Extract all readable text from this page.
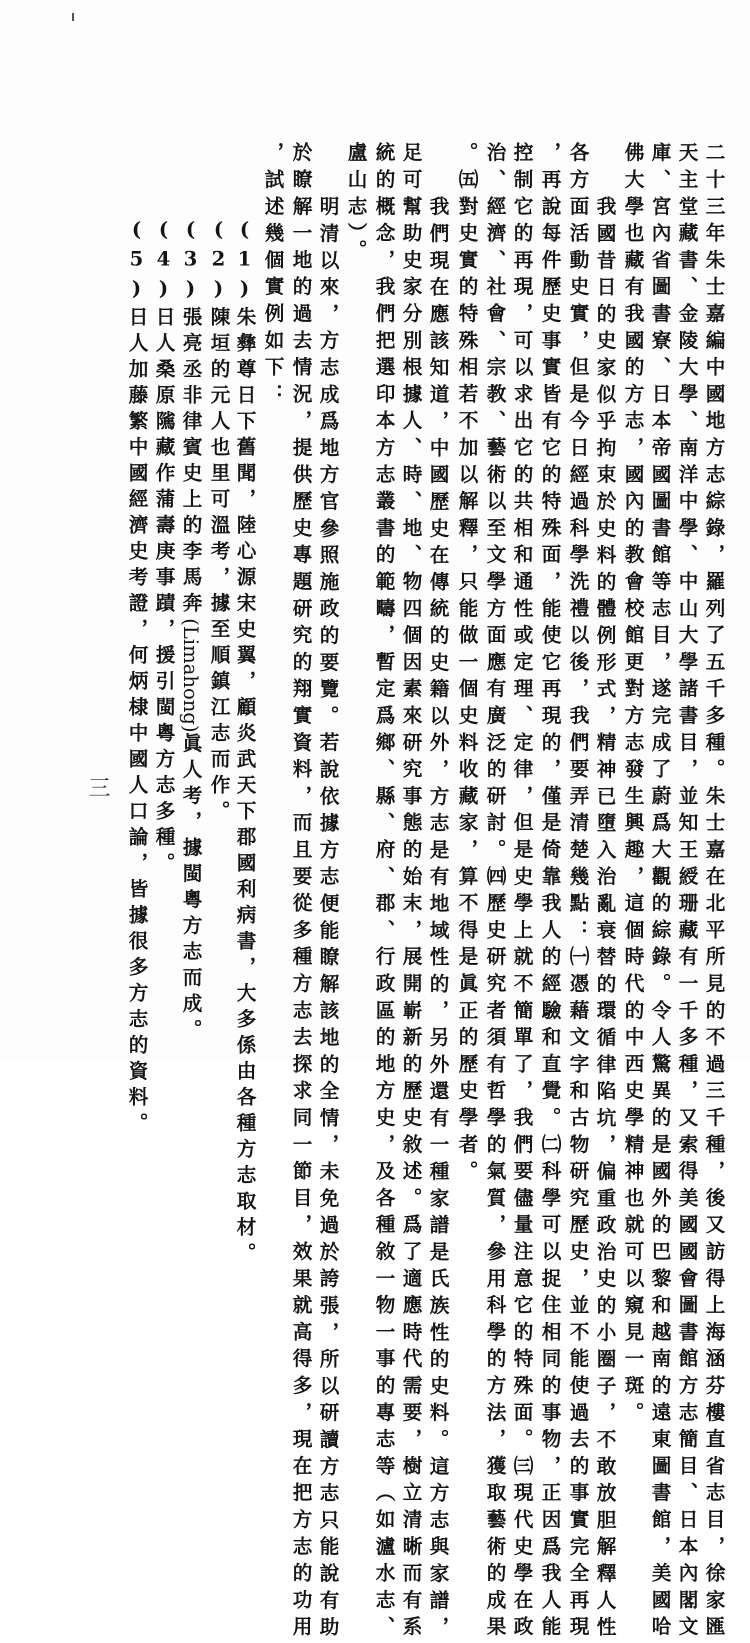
二十三年朱士嘉編中國地方志綜錄，羅列了五千多種。朱士嘉在北平所見的不過三千種，後又訪得上海涵芬樓直省志目，徐家匯
天主堂藏書、金陵大學、南洋中學、中山大學諸書目，並知王綬珊藏有一千多種，又索得美國國會圖書館方志簡目、日本內閣文
庫、宮內省圖書寮、日本帝國圖書館等志目，遂完成了蔚爲大觀的綜錄。令人驚異的是國外的巴黎和越南的遠東圖書館，美國哈
佛大學也藏有我國的方志，國內的教會校館更對方志發生興趣，這個時代的中西史學精神也就可以窺見一斑。
我國昔日的史家似乎拘束於史料的體例形式，精神已墮入治亂衰替的環循律陷坑，偏重政治史的小圈子，不敢放胆解釋人性
各方面活動史實，但是今日經過科學洗禮以後，我們要弄清楚幾點：㈠憑藉文字和古物研究歷史，並不能使過去的事實完全再現
，再說每件歷史事實皆有它的特殊面，能使它再現的，僅是倚靠我人的經驗和直覺。㈡科學可以捉住相同的事物，正因爲我人能
控制它的再現，可以求出它的共相和通性或定理、定律，但是史學上就不簡單了，我們要儘量注意它的特殊面。㈢現代史學在政
治、經濟、社會、宗教、藝術以至文學方面應有廣泛的研討。㈣歷史研究者須有哲學的氣質，參用科學的方法，獲取藝術的成果
。㈤對史實的特殊相若不加以解釋，只能做一個史料收藏家，算不得是眞正的歷史學者。
我們現在應該知道，中國歷史在傳統的史籍以外，方志是有地域性的，另外還有一種家譜是氏族性的史料。這方志與家譜，
足可幫助史家分別根據人、時、地、物四個因素來研究事態的始末，展開嶄新的歷史敘述。爲了適應時代需要，樹立清晰而有系
統的概念，我們把選印本方志叢書的範疇，暫定爲鄉、縣、府、郡、行政區的地方史，及各種敘一物一事的專志等（如瀘水志、
盧山志）。
明清以來，方志成爲地方官參照施政的要覽。若說依據方志便能瞭解該地的全情，未免過於誇張，所以研讀方志只能說有助
於瞭解一地的過去情況，提供歷史專題研究的翔實資料，而且要從多種方志去探求同一節目，效果就高得多，現在把方志的功用
，試述幾個實例如下：
(1)朱彝尊日下舊聞，陸心源宋史翼，顧炎武天下郡國利病書，大多係由各種方志取材。
(2)陳垣的元人也里可溫考，據至順鎮江志而作。
(3)張亮丞非律賓史上的李馬奔(Limahong)眞人考，據閩粵方志而成。
(4)日人桑原隲藏作蒲壽庚事蹟，援引閩粵方志多種。
(5)日人加藤繁中國經濟史考證，何炳棣中國人口論，皆據很多方志的資料。
三
